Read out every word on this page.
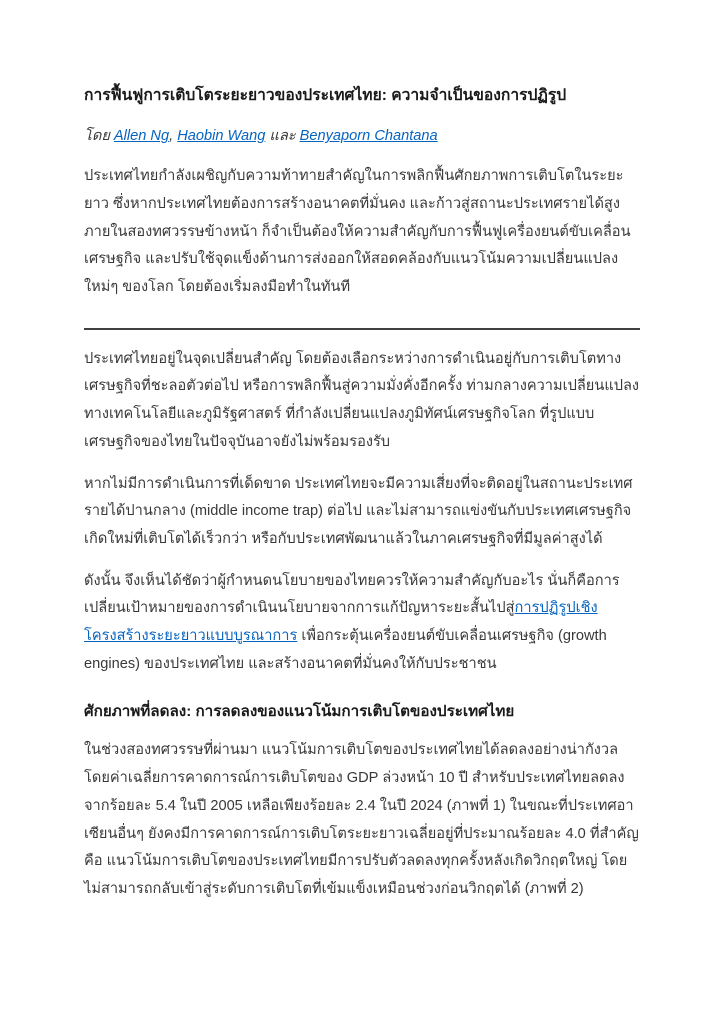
การฟื้นฟูการเติบโตระยะยาวของประเทศไทย: ความจำเป็นของการปฏิรูป

โดย Allen Ng, Haobin Wang และ Benyaporn Chantana

ประเทศไทยกำลังเผชิญกับความท้าทายสำคัญในการพลิกฟื้นศักยภาพการเติบโตในระยะยาว ซึ่งหากประเทศไทยต้องการสร้างอนาคตที่มั่นคง และก้าวสู่สถานะประเทศรายได้สูงภายในสองทศวรรษข้างหน้า ก็จำเป็นต้องให้ความสำคัญกับการฟื้นฟูเครื่องยนต์ขับเคลื่อนเศรษฐกิจ และปรับใช้จุดแข็งด้านการส่งออกให้สอดคล้องกับแนวโน้มความเปลี่ยนแปลงใหม่ๆ ของโลก โดยต้องเริ่มลงมือทำในทันที

ประเทศไทยอยู่ในจุดเปลี่ยนสำคัญ โดยต้องเลือกระหว่างการดำเนินอยู่กับการเติบโตทางเศรษฐกิจที่ชะลอตัวต่อไป หรือการพลิกฟื้นสู่ความมั่งคั่งอีกครั้ง ท่ามกลางความเปลี่ยนแปลงทางเทคโนโลยีและภูมิรัฐศาสตร์ ที่กำลังเปลี่ยนแปลงภูมิทัศน์เศรษฐกิจโลก ที่รูปแบบเศรษฐกิจของไทยในปัจจุบันอาจยังไม่พร้อมรองรับ

หากไม่มีการดำเนินการที่เด็ดขาด ประเทศไทยจะมีความเสี่ยงที่จะติดอยู่ในสถานะประเทศรายได้ปานกลาง (middle income trap) ต่อไป และไม่สามารถแข่งขันกับประเทศเศรษฐกิจเกิดใหม่ที่เติบโตได้เร็วกว่า หรือกับประเทศพัฒนาแล้วในภาคเศรษฐกิจที่มีมูลค่าสูงได้

ดังนั้น จึงเห็นได้ชัดว่าผู้กำหนดนโยบายของไทยควรให้ความสำคัญกับอะไร นั่นก็คือการเปลี่ยนเป้าหมายของการดำเนินนโยบายจากการแก้ปัญหาระยะสั้นไปสู่การปฏิรูปเชิงโครงสร้างระยะยาวแบบบูรณาการ เพื่อกระตุ้นเครื่องยนต์ขับเคลื่อนเศรษฐกิจ (growth engines) ของประเทศไทย และสร้างอนาคตที่มั่นคงให้กับประชาชน

ศักยภาพที่ลดลง: การลดลงของแนวโน้มการเติบโตของประเทศไทย

ในช่วงสองทศวรรษที่ผ่านมา แนวโน้มการเติบโตของประเทศไทยได้ลดลงอย่างน่ากังวล โดยค่าเฉลี่ยการคาดการณ์การเติบโตของ GDP ล่วงหน้า 10 ปี สำหรับประเทศไทยลดลงจากร้อยละ 5.4 ในปี 2005 เหลือเพียงร้อยละ 2.4 ในปี 2024 (ภาพที่ 1) ในขณะที่ประเทศอาเซียนอื่นๆ ยังคงมีการคาดการณ์การเติบโตระยะยาวเฉลี่ยอยู่ที่ประมาณร้อยละ 4.0 ที่สำคัญคือ แนวโน้มการเติบโตของประเทศไทยมีการปรับตัวลดลงทุกครั้งหลังเกิดวิกฤตใหญ่ โดยไม่สามารถกลับเข้าสู่ระดับการเติบโตที่เข้มแข็งเหมือนช่วงก่อนวิกฤตได้ (ภาพที่ 2)
